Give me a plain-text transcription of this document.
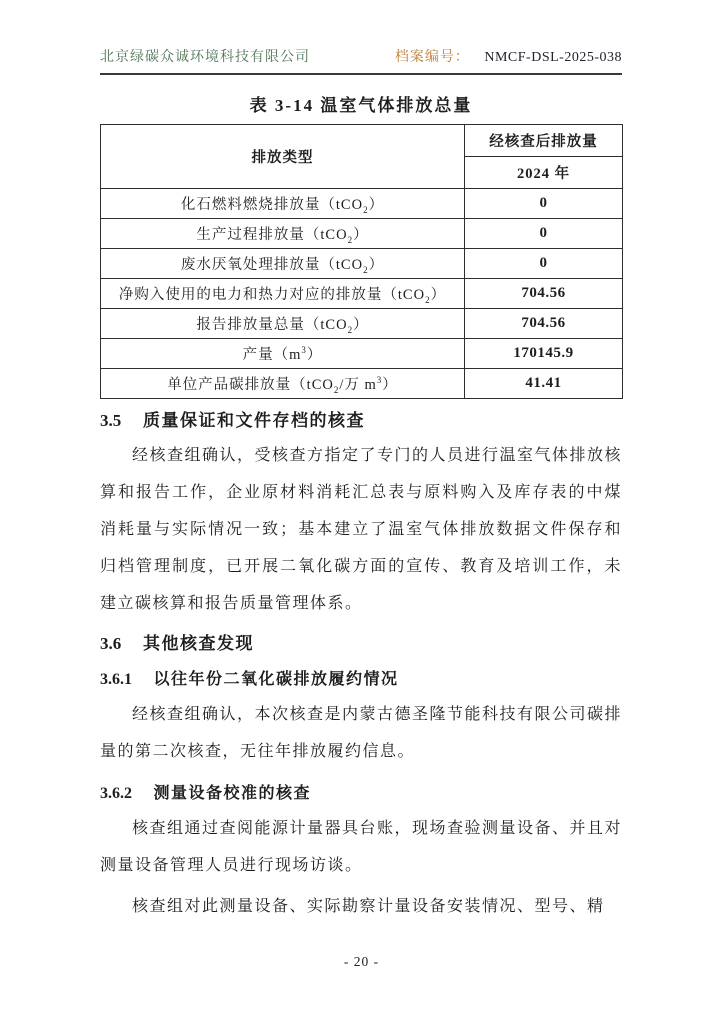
北京绿碳众诚环境科技有限公司	档案编号： NMCF-DSL-2025-038
表 3-14 温室气体排放总量
排放类型	经核查后排放量
	2024 年
化石燃料燃烧排放量（tCO$_2$）	0
生产过程排放量（tCO$_2$）	0
废水厌氧处理排放量（tCO$_2$）	0
净购入使用的电力和热力对应的排放量（tCO$_2$）	704.56
报告排放量总量（tCO$_2$）	704.56
产量$(m^3)$	170145.9
单位产品碳排放量（tCO$_2$/万 $m^3$）	41.41
3.5 质量保证和文件存档的核查

经核查组确认，受核查方指定了专门的人员进行温室气体排放核算和报告工作，企业原材料消耗汇总表与原料购入及库存表的中煤消耗量与实际情况一致；基本建立了温室气体排放数据文件保存和归档管理制度，已开展二氧化碳方面的宣传、教育及培训工作，未建立碳核算和报告质量管理体系。

3.6 其他核查发现
3.6.1 以往年份二氧化碳排放履约情况

经核查组确认，本次核查是内蒙古德圣隆节能科技有限公司碳排量的第二次核查，无往年排放履约信息。

3.6.2 测量设备校准的核查

核查组通过查阅能源计量器具台账，现场查验测量设备、并且对测量设备管理人员进行现场访谈。

核查组对此测量设备、实际勘察计量设备安装情况、型号、精

- 20 -
